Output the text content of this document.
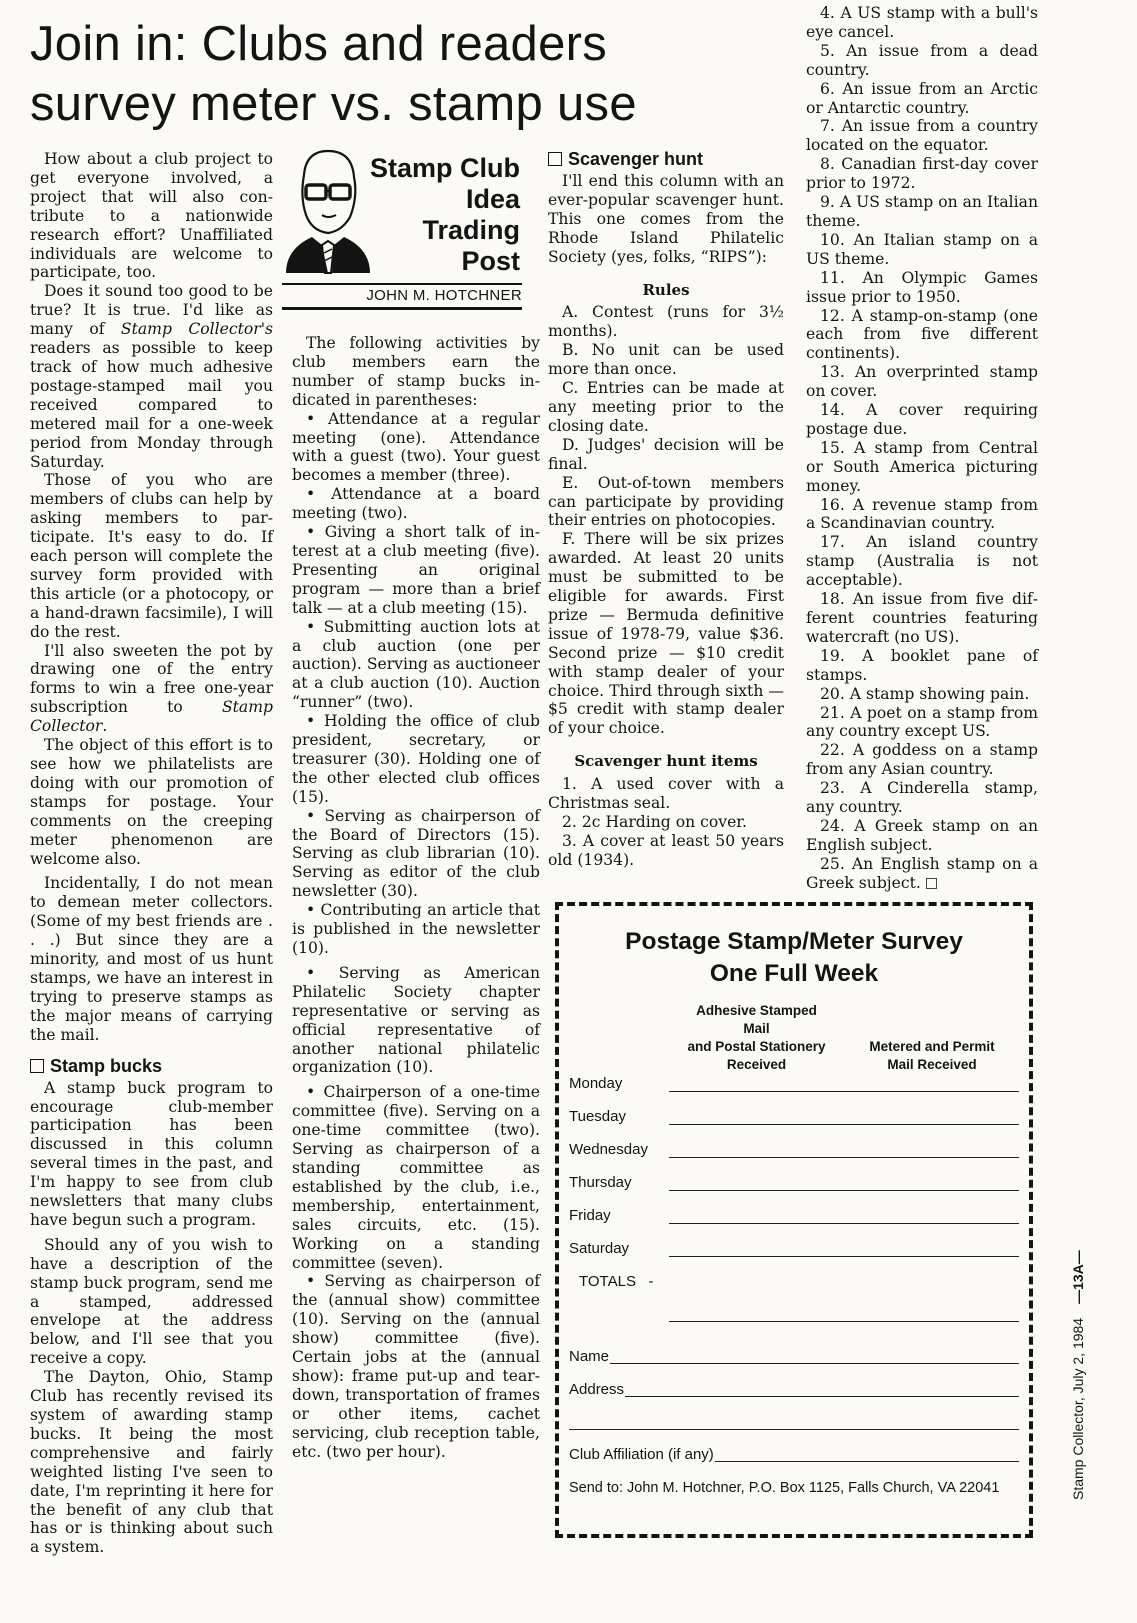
Join in: Clubs and readers
survey meter vs. stamp use

How about a club project to get everyone involved, a project that will also contribute to a nationwide research effort? Unaffiliated individuals are welcome to participate, too.

Does it sound too good to be true? It is true. I'd like as many of Stamp Collector's readers as possible to keep track of how much adhesive postage-stamped mail you received compared to metered mail for a one-week period from Monday through Saturday.

Those of you who are members of clubs can help by asking members to participate. It's easy to do. If each person will complete the survey form provided with this article (or a photocopy, or a hand-drawn facsimile), I will do the rest.

I'll also sweeten the pot by drawing one of the entry forms to win a free one-year subscription to Stamp Collector.

The object of this effort is to see how we philatelists are doing with our promotion of stamps for postage. Your comments on the creeping meter phenomenon are welcome also.

Incidentally, I do not mean to demean meter collectors. (Some of my best friends are . . .) But since they are a minority, and most of us hunt stamps, we have an interest in trying to preserve stamps as the major means of carrying the mail.

Stamp bucks

A stamp buck program to encourage club-member participation has been discussed in this column several times in the past, and I'm happy to see from club newsletters that many clubs have begun such a program.

Should any of you wish to have a description of the stamp buck program, send me a stamped, addressed envelope at the address below, and I'll see that you receive a copy.

The Dayton, Ohio, Stamp Club has recently revised its system of awarding stamp bucks. It being the most comprehensive and fairly weighted listing I've seen to date, I'm reprinting it here for the benefit of any club that has or is thinking about such a system.

Stamp Club
Idea
Trading
Post
JOHN M. HOTCHNER

The following activities by club members earn the number of stamp bucks indicated in parentheses:

• Attendance at a regular meeting (one). Attendance with a guest (two). Your guest becomes a member (three).

• Attendance at a board meeting (two).

• Giving a short talk of interest at a club meeting (five). Presenting an original program — more than a brief talk — at a club meeting (15).

• Submitting auction lots at a club auction (one per auction). Serving as auctioneer at a club auction (10). Auction “runner” (two).

• Holding the office of club president, secretary, or treasurer (30). Holding one of the other elected club offices (15).

• Serving as chairperson of the Board of Directors (15). Serving as club librarian (10). Serving as editor of the club newsletter (30).

• Contributing an article that is published in the newsletter (10).

• Serving as American Philatelic Society chapter representative or serving as official representative of another national philatelic organization (10).

• Chairperson of a one-time committee (five). Serving on a one-time committee (two). Serving as chairperson of a standing committee as established by the club, i.e., membership, entertainment, sales circuits, etc. (15). Working on a standing committee (seven).

• Serving as chairperson of the (annual show) committee (10). Serving on the (annual show) committee (five). Certain jobs at the (annual show): frame put-up and tear-down, transportation of frames or other items, cachet servicing, club reception table, etc. (two per hour).

Scavenger hunt

I'll end this column with an ever-popular scavenger hunt. This one comes from the Rhode Island Philatelic Society (yes, folks, “RIPS”):

Rules

A. Contest (runs for 3½ months).

B. No unit can be used more than once.

C. Entries can be made at any meeting prior to the closing date.

D. Judges' decision will be final.

E. Out-of-town members can participate by providing their entries on photocopies.

F. There will be six prizes awarded. At least 20 units must be submitted to be eligible for awards. First prize — Bermuda definitive issue of 1978-79, value $36. Second prize — $10 credit with stamp dealer of your choice. Third through sixth — $5 credit with stamp dealer of your choice.

Scavenger hunt items

1. A used cover with a Christmas seal.

2. 2c Harding on cover.

3. A cover at least 50 years old (1934).

4. A US stamp with a bull's eye cancel.

5. An issue from a dead country.

6. An issue from an Arctic or Antarctic country.

7. An issue from a country located on the equator.

8. Canadian first-day cover prior to 1972.

9. A US stamp on an Italian theme.

10. An Italian stamp on a US theme.

11. An Olympic Games issue prior to 1950.

12. A stamp-on-stamp (one each from five different continents).

13. An overprinted stamp on cover.

14. A cover requiring postage due.

15. A stamp from Central or South America picturing money.

16. A revenue stamp from a Scandinavian country.

17. An island country stamp (Australia is not acceptable).

18. An issue from five different countries featuring watercraft (no US).

19. A booklet pane of stamps.

20. A stamp showing pain.

21. A poet on a stamp from any country except US.

22. A goddess on a stamp from any Asian country.

23. A Cinderella stamp, any country.

24. A Greek stamp on an English subject.

25. An English stamp on a Greek subject.

Postage Stamp/Meter Survey
One Full Week
Adhesive Stamped
Mail
and Postal Stationery
Received
Metered and Permit
Mail Received
Monday
Tuesday
Wednesday
Thursday
Friday
Saturday
TOTALS -
Name
Address
Club Affiliation (if any)
Send to: John M. Hotchner, P.O. Box 1125, Falls Church, VA 22041	Stamp Collector, July 2, 1984—13A—
